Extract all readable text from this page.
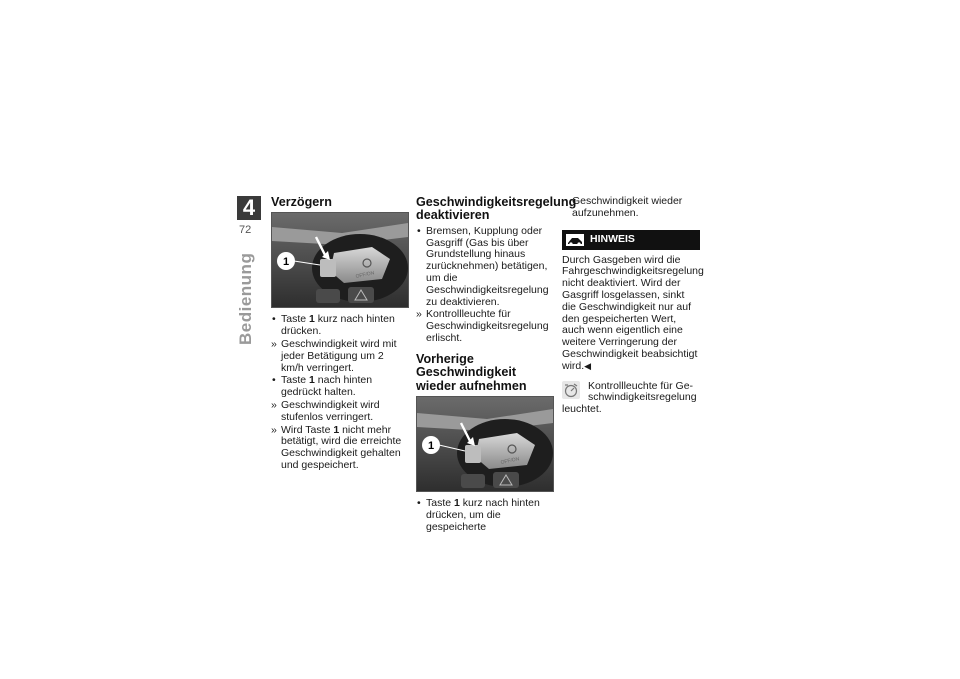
4
72
Bedienung
Verzögern
1
OFF/ON
• Taste 1 kurz nach hinten drücken.
» Geschwindigkeit wird mit jeder Betätigung um 2 km/h verringert.
• Taste 1 nach hinten gedrückt halten.
» Geschwindigkeit wird stufenlos verringert.
» Wird Taste 1 nicht mehr betätigt, wird die erreichte Geschwindigkeit gehalten und gespeichert.
Geschwindigkeitsregelung deaktivieren
• Bremsen, Kupplung oder Gasgriff (Gas bis über Grundstellung hinaus zurücknehmen) betätigen, um die Geschwindigkeitsregelung zu deaktivieren.
» Kontrollleuchte für Geschwindigkeitsregelung erlischt.
Vorherige Geschwindigkeit wieder aufnehmen
1
OFF/ON
• Taste 1 kurz nach hinten drücken, um die gespeicherte
Geschwindigkeit wieder aufzunehmen.
HINWEIS

Durch Gasgeben wird die Fahrgeschwindigkeitsregelung nicht deaktiviert. Wird der Gasgriff losgelassen, sinkt die Geschwindigkeit nur auf den gespeicherten Wert, auch wenn eigentlich eine weitere Verringerung der Geschwindigkeit beabsichtigt wird.◀

Kontrollleuchte für Ge-
schwindigkeitsregelung
leuchtet.
